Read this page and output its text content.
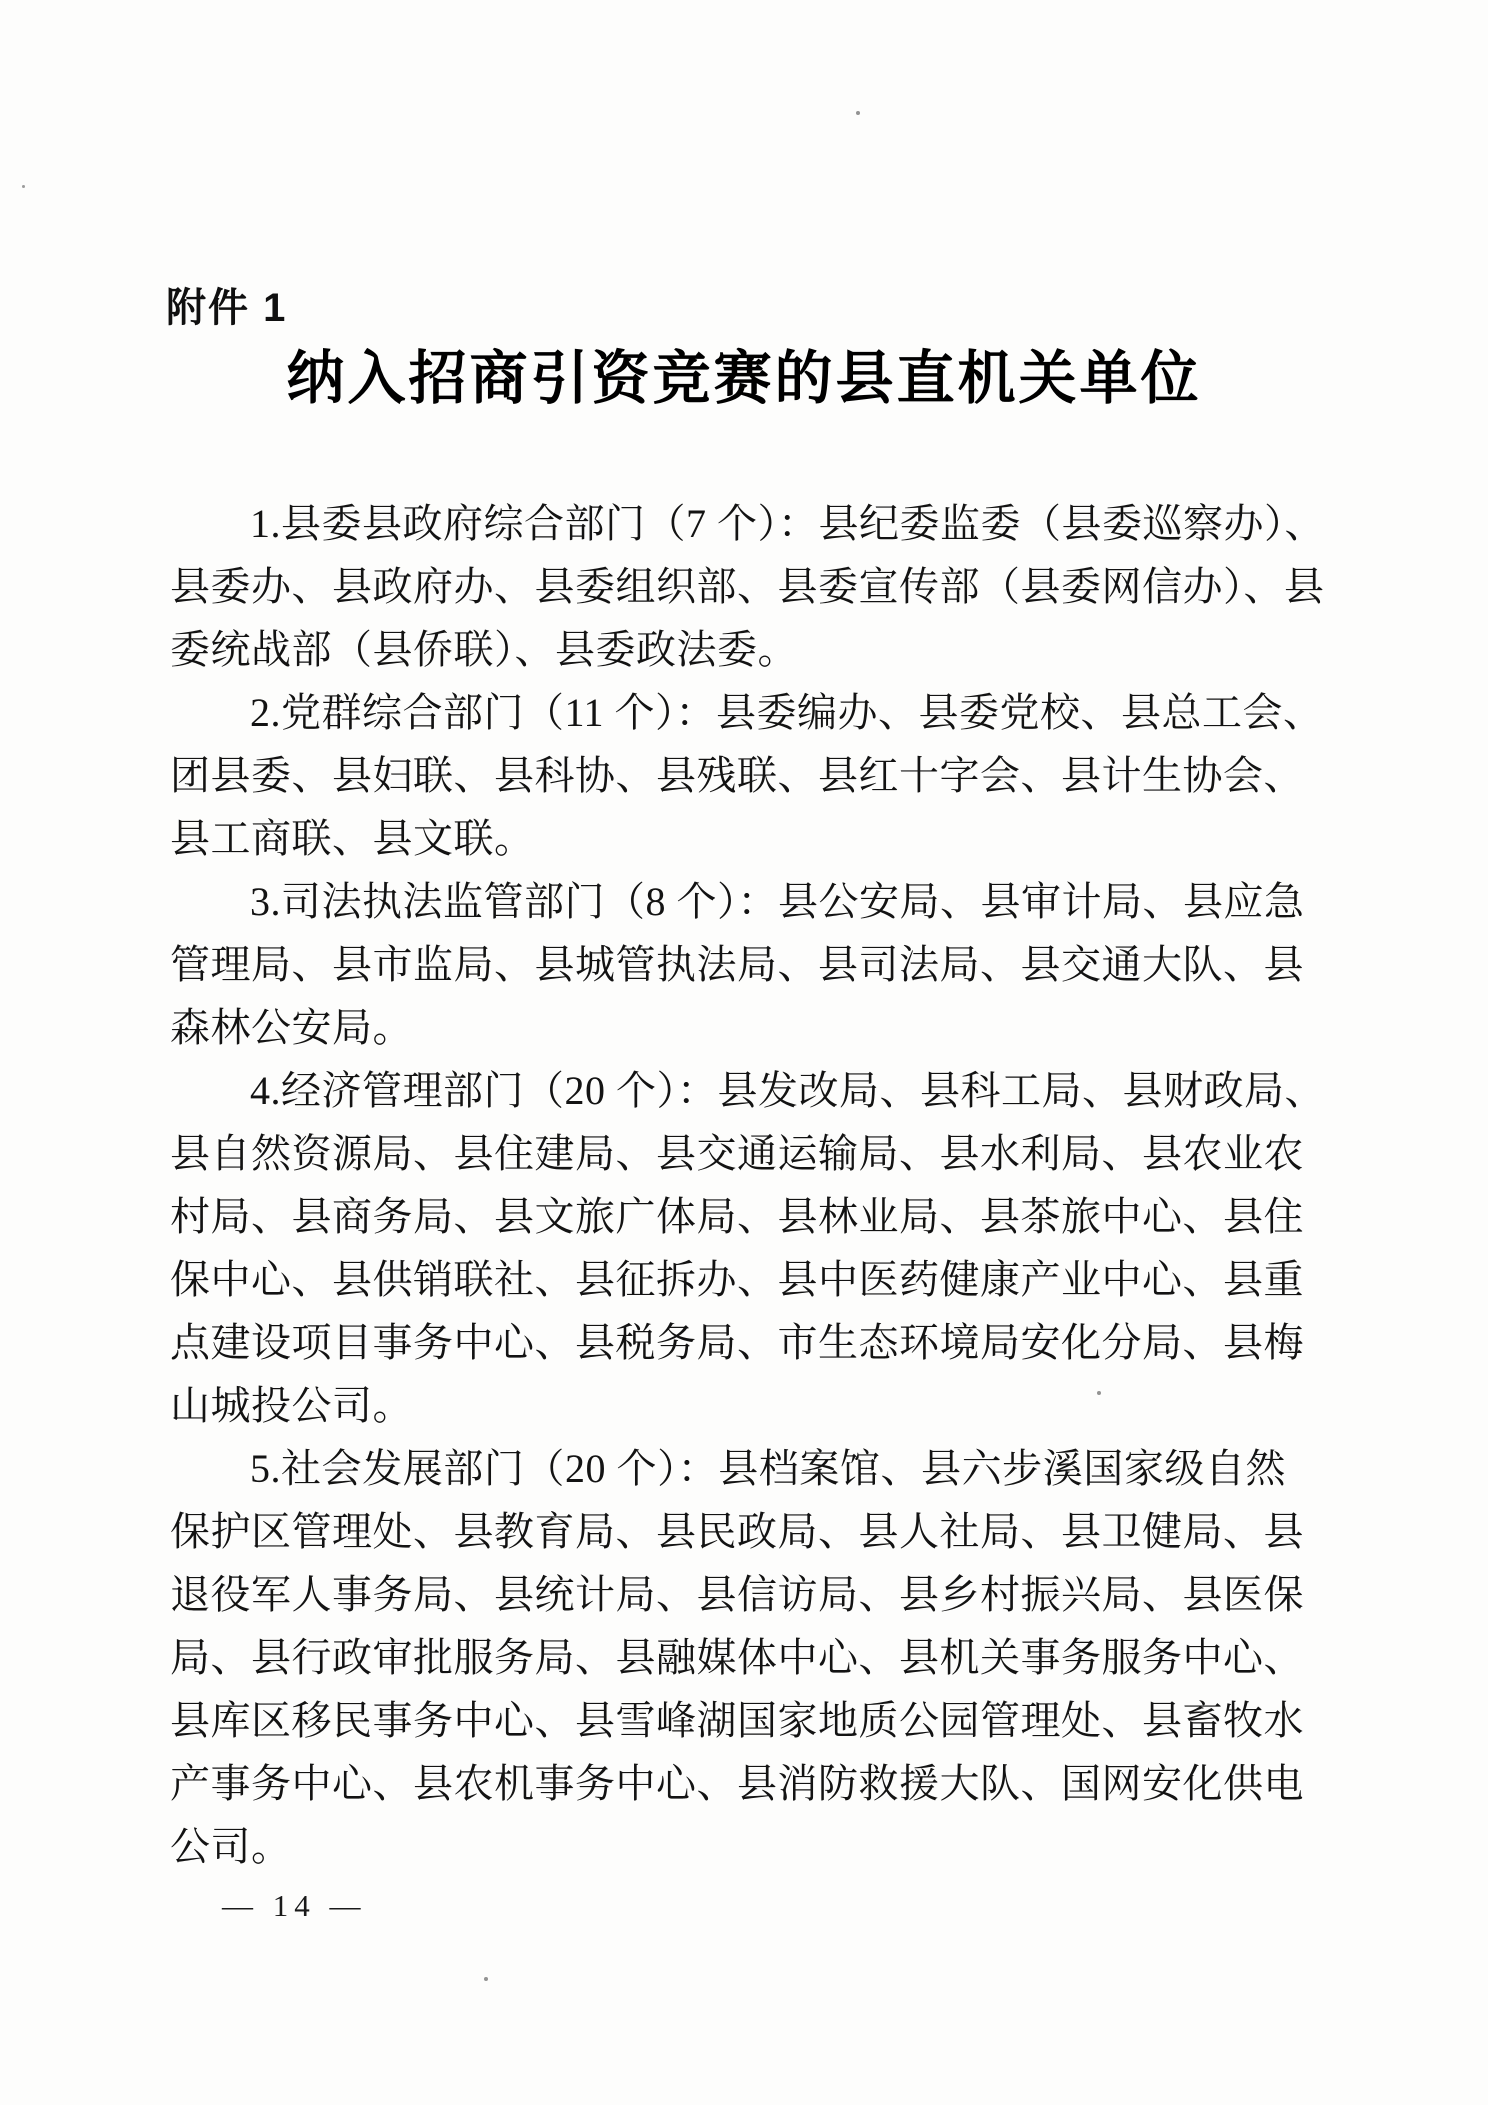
附件 1
纳入招商引资竞赛的县直机关单位

1.县委县政府综合部门（7 个）：县纪委监委（县委巡察办）、
县委办、县政府办、县委组织部、县委宣传部（县委网信办）、县
委统战部（县侨联）、县委政法委。

2.党群综合部门（11 个）：县委编办、县委党校、县总工会、
团县委、县妇联、县科协、县残联、县红十字会、县计生协会、
县工商联、县文联。

3.司法执法监管部门（8 个）：县公安局、县审计局、县应急
管理局、县市监局、县城管执法局、县司法局、县交通大队、县
森林公安局。

4.经济管理部门（20 个）：县发改局、县科工局、县财政局、
县自然资源局、县住建局、县交通运输局、县水利局、县农业农
村局、县商务局、县文旅广体局、县林业局、县茶旅中心、县住
保中心、县供销联社、县征拆办、县中医药健康产业中心、县重
点建设项目事务中心、县税务局、市生态环境局安化分局、县梅
山城投公司。

5.社会发展部门（20 个）：县档案馆、县六步溪国家级自然
保护区管理处、县教育局、县民政局、县人社局、县卫健局、县
退役军人事务局、县统计局、县信访局、县乡村振兴局、县医保
局、县行政审批服务局、县融媒体中心、县机关事务服务中心、
县库区移民事务中心、县雪峰湖国家地质公园管理处、县畜牧水
产事务中心、县农机事务中心、县消防救援大队、国网安化供电
公司。

— 14 —
